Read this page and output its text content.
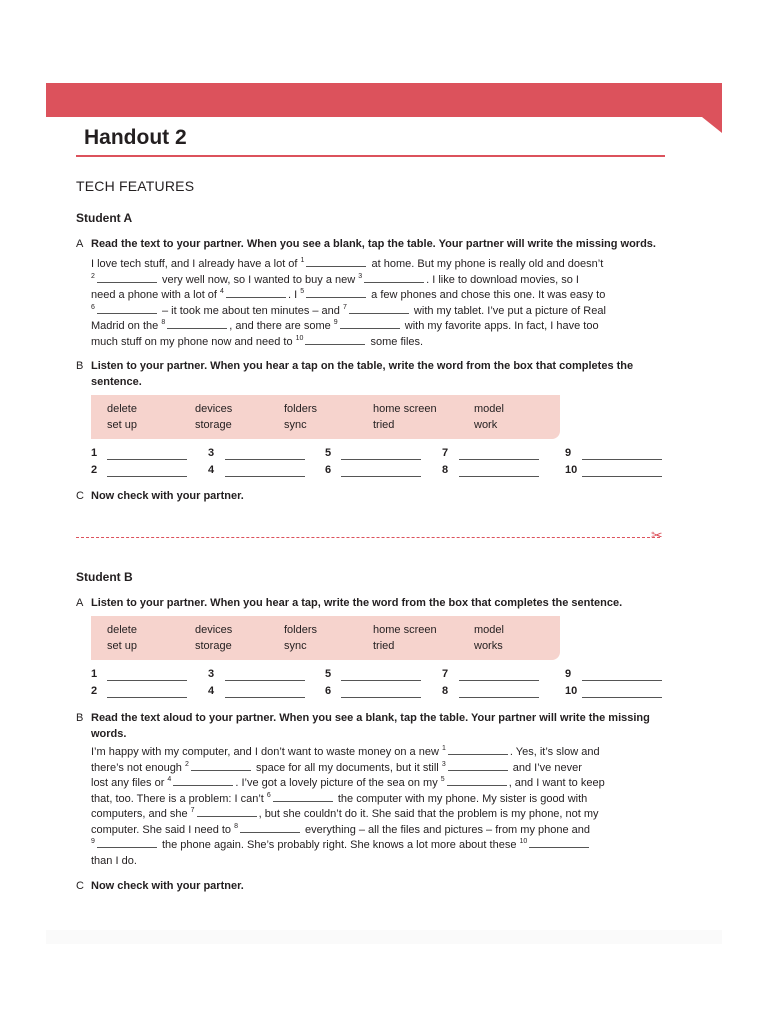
Handout 2
TECH FEATURES
Student A
A Read the text to your partner. When you see a blank, tap the table. Your partner will write the missing words.
I love tech stuff, and I already have a lot of $^1$	at home. But my phone is really old and doesn’t
$^2$	very well now, so I wanted to buy a new $^3$	. I like to download movies, so I
need a phone with a lot of $^4$	. I $^5$	a few phones and chose this one. It was easy to
$^6$	– it took me about ten minutes – and $^7$	with my tablet. I’ve put a picture of Real
Madrid on the $^8$	, and there are some $^9$	with my favorite apps. In fact, I have too
much stuff on my phone now and need to $^{10}$	some files.
B Listen to your partner. When you hear a tap on the table, write the word from the box that completes the sentence.
delete	devices	folders	home screen	model
set up	storage	sync	tried	work
1	3	5	7	9
2	4	6	8	10
C Now check with your partner.
✂
Student B
A Listen to your partner. When you hear a tap, write the word from the box that completes the sentence.
delete	devices	folders	home screen	model
set up	storage	sync	tried	works
1	3	5	7	9
2	4	6	8	10
B Read the text aloud to your partner. When you see a blank, tap the table. Your partner will write the missing words.
I’m happy with my computer, and I don’t want to waste money on a new $^1$	. Yes, it’s slow and
there’s not enough $^2$	space for all my documents, but it still $^3$	and I’ve never
lost any files or $^4$	. I’ve got a lovely picture of the sea on my $^5$	, and I want to keep
that, too. There is a problem: I can’t $^6$	the computer with my phone. My sister is good with
computers, and she $^7$	, but she couldn’t do it. She said that the problem is my phone, not my
computer. She said I need to $^8$	everything – all the files and pictures – from my phone and
$^9$	the phone again. She’s probably right. She knows a lot more about these $^{10}$
than I do.
C Now check with your partner.
